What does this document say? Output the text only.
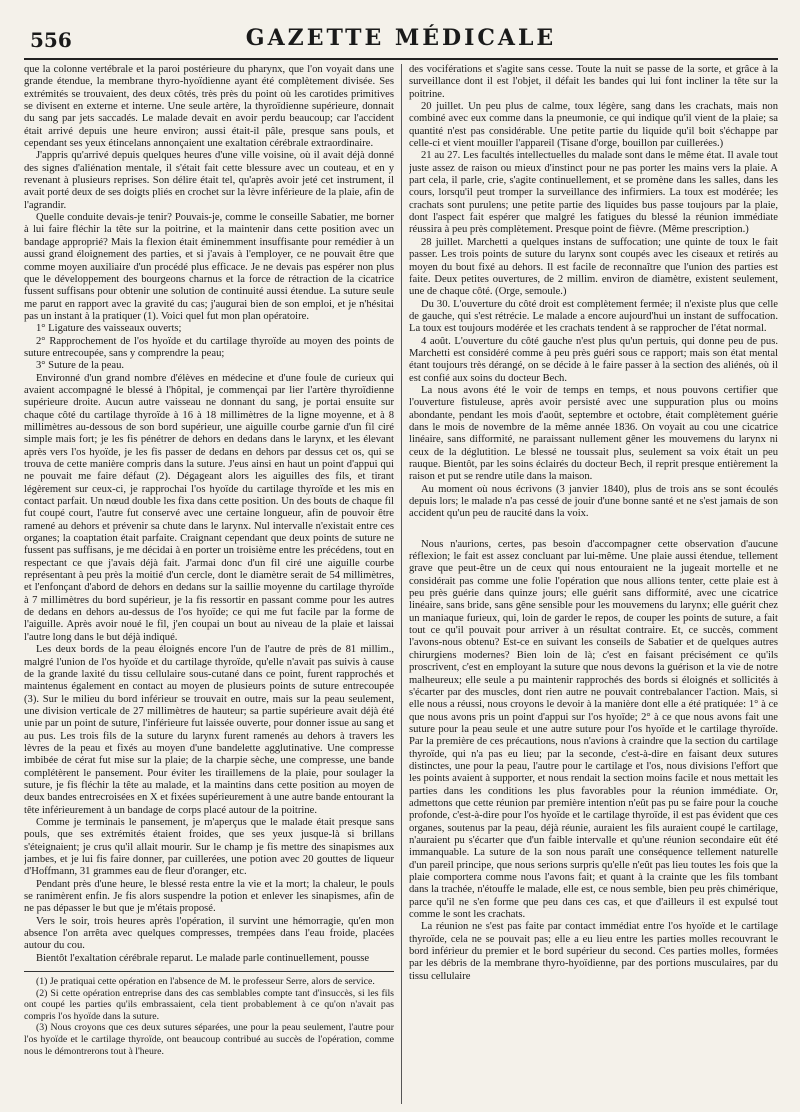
556	GAZETTE MÉDICALE

que la colonne vertébrale et la paroi postérieure du pharynx, que l'on voyait dans une grande étendue, la membrane thyro-hyoïdienne ayant été complètement divisée. Ses extrémités se trouvaient, des deux côtés, très près du point où les carotides primitives se divisent en externe et interne. Une seule artère, la thyroïdienne supérieure, donnait du sang par jets saccadés. Le malade devait en avoir perdu beaucoup; car l'accident était arrivé depuis une heure environ; aussi était-il pâle, presque sans pouls, et cependant ses yeux étincelans annonçaient une exaltation cérébrale extraordinaire.

J'appris qu'arrivé depuis quelques heures d'une ville voisine, où il avait déjà donné des signes d'aliénation mentale, il s'était fait cette blessure avec un couteau, et en y revenant à plusieurs reprises. Son délire était tel, qu'après avoir jeté cet instrument, il avait porté deux de ses doigts pliés en crochet sur la lèvre inférieure de la plaie, afin de l'agrandir.

Quelle conduite devais-je tenir? Pouvais-je, comme le conseille Sabatier, me borner à lui faire fléchir la tête sur la poitrine, et la maintenir dans cette position avec un bandage approprié? Mais la flexion était éminemment insuffisante pour remédier à un aussi grand éloignement des parties, et si j'avais à l'employer, ce ne pouvait être que comme moyen auxiliaire d'un procédé plus efficace. Je ne devais pas espérer non plus que le développement des bourgeons charnus et la force de rétraction de la cicatrice fussent suffisans pour obtenir une solution de continuité aussi étendue. La suture seule me parut en rapport avec la gravité du cas; j'augurai bien de son emploi, et je n'hésitai pas un instant à la pratiquer (1). Voici quel fut mon plan opératoire.

1° Ligature des vaisseaux ouverts;

2° Rapprochement de l'os hyoïde et du cartilage thyroïde au moyen des points de suture entrecoupée, sans y comprendre la peau;

3° Suture de la peau.

Environné d'un grand nombre d'élèves en médecine et d'une foule de curieux qui avaient accompagné le blessé à l'hôpital, je commençai par lier l'artère thyroïdienne supérieure droite. Aucun autre vaisseau ne donnant du sang, je portai ensuite sur chaque côté du cartilage thyroïde à 16 à 18 millimètres de la ligne moyenne, et à 8 millimètres au-dessous de son bord supérieur, une aiguille courbe garnie d'un fil ciré simple mais fort; je les fis pénétrer de dehors en dedans dans le larynx, et les élevant après vers l'os hyoïde, je les fis passer de dedans en dehors par dessus cet os, qui se trouva de cette manière compris dans la suture. J'eus ainsi en haut un point d'appui qui ne pouvait me faire défaut (2). Dégageant alors les aiguilles des fils, et tirant légèrement sur ceux-ci, je rapprochai l'os hyoïde du cartilage thyroïde et les mis en contact parfait. Un nœud double les fixa dans cette position. Un des bouts de chaque fil fut coupé court, l'autre fut conservé avec une certaine longueur, afin de pouvoir être ramené au dehors et prévenir sa chute dans le larynx. Nul intervalle n'existait entre ces organes; la coaptation était parfaite. Craignant cependant que deux points de suture ne fussent pas suffisans, je me décidai à en porter un troisième entre les précédens, tout en respectant ce que j'avais déjà fait. J'armai donc d'un fil ciré une aiguille courbe représentant à peu près la moitié d'un cercle, dont le diamètre serait de 54 millimètres, et l'enfonçant d'abord de dehors en dedans sur la saillie moyenne du cartilage thyroïde à 7 millimètres du bord supérieur, je la fis ressortir en passant comme pour les autres de dedans en dehors au-dessus de l'os hyoïde; ce qui me fut facile par la forme de l'aiguille. Après avoir noué le fil, j'en coupai un bout au niveau de la plaie et laissai l'autre long dans le but déjà indiqué.

Les deux bords de la peau éloignés encore l'un de l'autre de près de 81 millim., malgré l'union de l'os hyoïde et du cartilage thyroïde, qu'elle n'avait pas suivis à cause de la grande laxité du tissu cellulaire sous-cutané dans ce point, furent rapprochés et maintenus également en contact au moyen de plusieurs points de suture entrecoupée (3). Sur le milieu du bord inférieur se trouvait en outre, mais sur la peau seulement, une division verticale de 27 millimètres de hauteur; sa partie supérieure avait déjà été unie par un point de suture, l'inférieure fut laissée ouverte, pour donner issue au sang et au pus. Les trois fils de la suture du larynx furent ramenés au dehors à travers les lèvres de la peau et fixés au moyen d'une bandelette agglutinative. Une compresse imbibée de cérat fut mise sur la plaie; de la charpie sèche, une compresse, une bande complétèrent le pansement. Pour éviter les tiraillemens de la plaie, pour soulager la suture, je fis fléchir la tête au malade, et la maintins dans cette position au moyen de deux bandes entrecroisées en X et fixées supérieurement à une autre bande entourant la tête inférieurement à un bandage de corps placé autour de la poitrine.

Comme je terminais le pansement, je m'aperçus que le malade était presque sans pouls, que ses extrémités étaient froides, que ses yeux jusque-là si brillans s'éteignaient; je crus qu'il allait mourir. Sur le champ je fis mettre des sinapismes aux jambes, et je lui fis faire donner, par cuillerées, une potion avec 20 gouttes de liqueur d'Hoffmann, 31 grammes eau de fleur d'oranger, etc.

Pendant près d'une heure, le blessé resta entre la vie et la mort; la chaleur, le pouls se ranimèrent enfin. Je fis alors suspendre la potion et enlever les sinapismes, afin de ne pas dépasser le but que je m'étais proposé.

Vers le soir, trois heures après l'opération, il survint une hémorragie, qu'en mon absence l'on arrêta avec quelques compresses, trempées dans l'eau froide, placées autour du cou.

Bientôt l'exaltation cérébrale reparut. Le malade parle continuellement, pousse

(1) Je pratiquai cette opération en l'absence de M. le professeur Serre, alors de service.

(2) Si cette opération entreprise dans des cas semblables compte tant d'insuccès, si les fils ont coupé les parties qu'ils embrassaient, cela tient probablement à ce qu'on n'avait pas compris l'os hyoïde dans la suture.

(3) Nous croyons que ces deux sutures séparées, une pour la peau seulement, l'autre pour l'os hyoïde et le cartilage thyroïde, ont beaucoup contribué au succès de l'opération, comme nous le démontrerons tout à l'heure.

des vociférations et s'agite sans cesse. Toute la nuit se passe de la sorte, et grâce à la surveillance dont il est l'objet, il défait les bandes qui lui font incliner la tête sur la poitrine.

20 juillet. Un peu plus de calme, toux légère, sang dans les crachats, mais non combiné avec eux comme dans la pneumonie, ce qui indique qu'il vient de la plaie; sa quantité n'est pas considérable. Une petite partie du liquide qu'il boit s'échappe par celle-ci et vient mouiller l'appareil (Tisane d'orge, bouillon par cuillerées.)

21 au 27. Les facultés intellectuelles du malade sont dans le même état. Il avale tout juste assez de raison ou mieux d'instinct pour ne pas porter les mains vers la plaie. A part cela, il parle, crie, s'agite continuellement, et se promène dans les salles, dans les cours, lorsqu'il peut tromper la surveillance des infirmiers. La toux est modérée; les crachats sont purulens; une petite partie des liquides bus passe toujours par la plaie, dont l'aspect fait espérer que malgré les fatigues du blessé la réunion immédiate réussira à peu près complètement. Presque point de fièvre. (Même prescription.)

28 juillet. Marchetti a quelques instans de suffocation; une quinte de toux le fait passer. Les trois points de suture du larynx sont coupés avec les ciseaux et retirés au moyen du bout fixé au dehors. Il est facile de reconnaître que l'union des parties est faite. Deux petites ouvertures, de 2 millim. environ de diamètre, existent seulement, une de chaque côté. (Orge, semoule.)

Du 30. L'ouverture du côté droit est complètement fermée; il n'existe plus que celle de gauche, qui s'est rétrécie. Le malade a encore aujourd'hui un instant de suffocation. La toux est toujours modérée et les crachats tendent à se rapprocher de l'état normal.

4 août. L'ouverture du côté gauche n'est plus qu'un pertuis, qui donne peu de pus. Marchetti est considéré comme à peu près guéri sous ce rapport; mais son état mental étant toujours très dérangé, on se décide à le faire passer à la section des aliénés, où il est confié aux soins du docteur Bech.

La nous avons été le voir de temps en temps, et nous pouvons certifier que l'ouverture fistuleuse, après avoir persisté avec une suppuration plus ou moins abondante, pendant les mois d'août, septembre et octobre, était complètement guérie dans le mois de novembre de la même année 1836. On voyait au cou une cicatrice linéaire, sans difformité, ne paraissant nullement gêner les mouvemens du larynx ni ceux de la déglutition. Le blessé ne toussait plus, seulement sa voix était un peu rauque. Bientôt, par les soins éclairés du docteur Bech, il reprit presque entièrement la raison et put se rendre utile dans la maison.

Au moment où nous écrivons (3 janvier 1840), plus de trois ans se sont écoulés depuis lors; le malade n'a pas cessé de jouir d'une bonne santé et ne s'est jamais de son accident qu'un peu de raucité dans la voix.

Nous n'aurions, certes, pas besoin d'accompagner cette observation d'aucune réflexion; le fait est assez concluant par lui-même. Une plaie aussi étendue, tellement grave que peut-être un de ceux qui nous entouraient ne la jugeait mortelle et ne considérait pas comme une folie l'opération que nous allions tenter, cette plaie est à peu près guérie dans quinze jours; elle guérit sans difformité, avec une cicatrice linéaire, sans bride, sans gêne sensible pour les mouvemens du larynx; elle guérit chez un maniaque furieux, qui, loin de garder le repos, de couper les points de suture, a fait tout ce qu'il pouvait pour arriver à un résultat contraire. Et, ce succès, comment l'avons-nous obtenu? Est-ce en suivant les conseils de Sabatier et de quelques autres chirurgiens modernes? Bien loin de là; c'est en faisant précisément ce qu'ils proscrivent, c'est en employant la suture que nous devons la guérison et la vie de notre malheureux; elle seule a pu maintenir rapprochés des bords si éloignés et sollicités à s'écarter par des muscles, dont rien autre ne pouvait contrebalancer l'action. Mais, si elle nous a réussi, nous croyons le devoir à la manière dont elle a été pratiquée: 1° à ce que nous avons pris un point d'appui sur l'os hyoïde; 2° à ce que nous avons fait une suture pour la peau seule et une autre suture pour l'os hyoïde et le cartilage thyroïde. Par la première de ces précautions, nous n'avions à craindre que la section du cartilage thyroïde, qui n'a pas eu lieu; par la seconde, c'est-à-dire en faisant deux sutures distinctes, une pour la peau, l'autre pour le cartilage et l'os, nous divisions l'effort que les points avaient à supporter, et nous rendait la section moins facile et nous mettait les parties dans les conditions les plus favorables pour la réunion immédiate. Or, admettons que cette réunion par première intention n'eût pas pu se faire pour la couche profonde, c'est-à-dire pour l'os hyoïde et le cartilage thyroïde, il est pas évident que ces organes, soutenus par la peau, déjà réunie, auraient les fils auraient coupé le cartilage, n'auraient pu s'écarter que d'un faible intervalle et qu'une réunion secondaire eût été immanquable. La suture de la son nous paraît une conséquence tellement naturelle d'un pareil principe, que nous serions surpris qu'elle n'eût pas lieu toutes les fois que la plaie comportera comme nous l'avons fait; et quant à la crainte que les fils tombant dans la trachée, n'étouffe le malade, elle est, ce nous semble, bien peu près chimérique, parce qu'il ne s'en forme que peu dans ces cas, et que d'ailleurs il est expulsé tout comme le sont les crachats.

La réunion ne s'est pas faite par contact immédiat entre l'os hyoïde et le cartilage thyroïde, cela ne se pouvait pas; elle a eu lieu entre les parties molles recouvrant le bord inférieur du premier et le bord supérieur du second. Ces parties molles, formées par les débris de la membrane thyro-hyoïdienne, par des portions musculaires, par du tissu cellulaire
